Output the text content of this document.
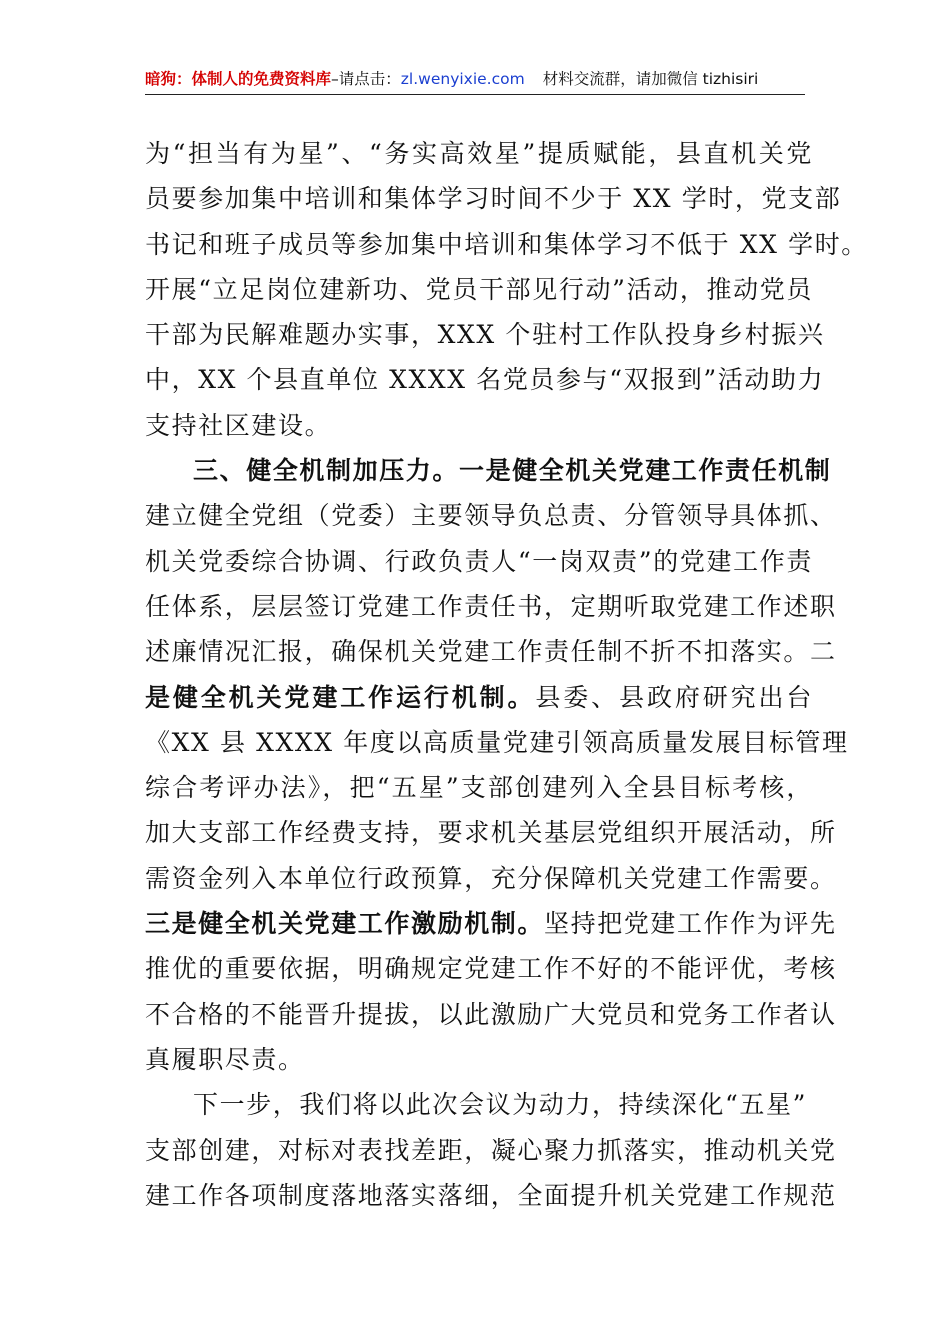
暗狗：体制人的免费资料库–请点击：zl.wenyixie.com 材料交流群，请加微信 tizhisiri
为“担当有为星”、“务实高效星”提质赋能，县直机关党
员要参加集中培训和集体学习时间不少于 XX 学时，党支部
书记和班子成员等参加集中培训和集体学习不低于 XX 学时。
开展“立足岗位建新功、党员干部见行动”活动，推动党员
干部为民解难题办实事，XXX 个驻村工作队投身乡村振兴
中，XX 个县直单位 XXXX 名党员参与“双报到”活动助力
支持社区建设。
三、健全机制加压力。一是健全机关党建工作责任机制
建立健全党组（党委）主要领导负总责、分管领导具体抓、
机关党委综合协调、行政负责人“一岗双责”的党建工作责
任体系，层层签订党建工作责任书，定期听取党建工作述职
述廉情况汇报，确保机关党建工作责任制不折不扣落实。二
是健全机关党建工作运行机制。县委、县政府研究出台
《XX 县 XXXX 年度以高质量党建引领高质量发展目标管理
综合考评办法》，把“五星”支部创建列入全县目标考核，
加大支部工作经费支持，要求机关基层党组织开展活动，所
需资金列入本单位行政预算，充分保障机关党建工作需要。
三是健全机关党建工作激励机制。坚持把党建工作作为评先
推优的重要依据，明确规定党建工作不好的不能评优，考核
不合格的不能晋升提拔，以此激励广大党员和党务工作者认
真履职尽责。
下一步，我们将以此次会议为动力，持续深化“五星”
支部创建，对标对表找差距，凝心聚力抓落实，推动机关党
建工作各项制度落地落实落细，全面提升机关党建工作规范
